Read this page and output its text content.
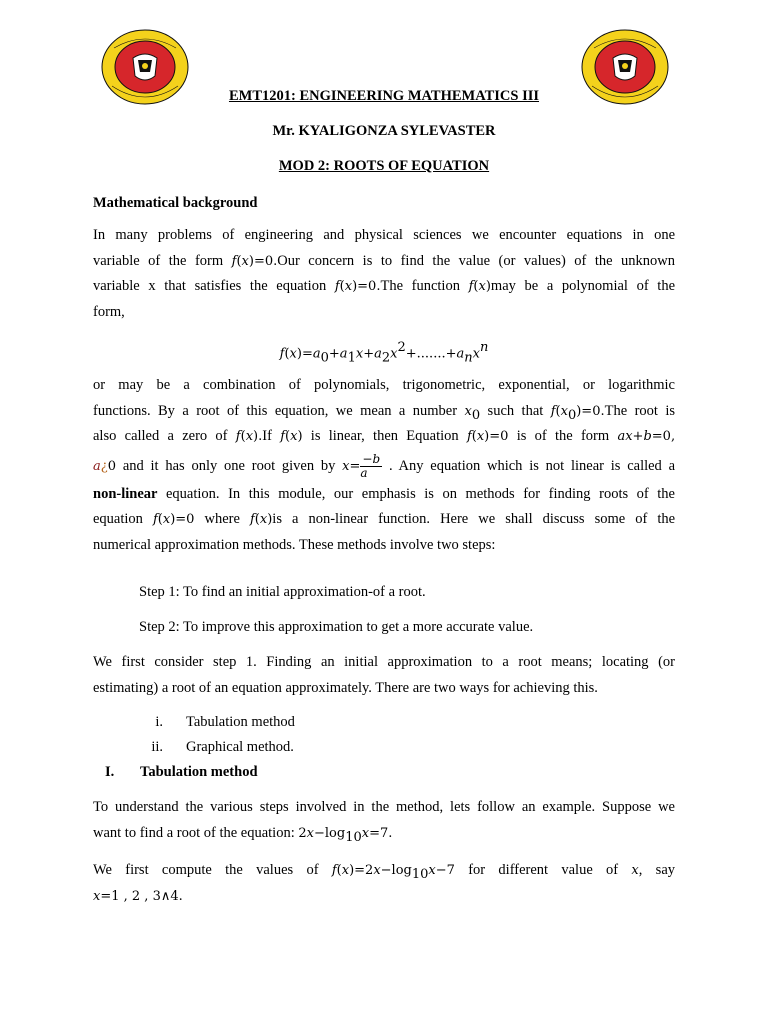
EMT1201: ENGINEERING MATHEMATICS III
Mr. KYALIGONZA SYLEVASTER
MOD 2: ROOTS OF EQUATION
Mathematical background
In many problems of engineering and physical sciences we encounter equations in one
variable of the form f(x)=0.Our concern is to find the value (or values) of the unknown
variable x that satisfies the equation f(x)=0.The function f(x)may be a polynomial of the
form,
$f(x)=a_0+a_1x+a_2x^2+.......+a_nx^n$
or may be a combination of polynomials, trigonometric, exponential, or logarithmic
functions. By a root of this equation, we mean a number $x_0$ such that $f(x_0)=0.The$ root is
also called a zero of f(x).If f(x) is linear, then Equation f(x)=0 is of the form ax+b=0,
a¿0 and it has only one root given by $x= \frac{-b}{a}$ . Any equation which is not linear is called a
non-linear equation. In this module, our emphasis is on methods for finding roots of the
equation f(x)=0 where f(x)is a non-linear function. Here we shall discuss some of the
numerical approximation methods. These methods involve two steps:
Step 1: To find an initial approximation-of a root.
Step 2: To improve this approximation to get a more accurate value.
We first consider step 1. Finding an initial approximation to a root means; locating (or
estimating) a root of an equation approximately. There are two ways for achieving this.
i. Tabulation method
ii. Graphical method.
I. Tabulation method
To understand the various steps involved in the method, lets follow an example. Suppose we
want to find a root of the equation: $2x-\log_{10}x=7$.
We first compute the values of $f(x)=2x-\log_{10}x-7$ for different value of x, say
x=1 , 2 , 3∧4.
